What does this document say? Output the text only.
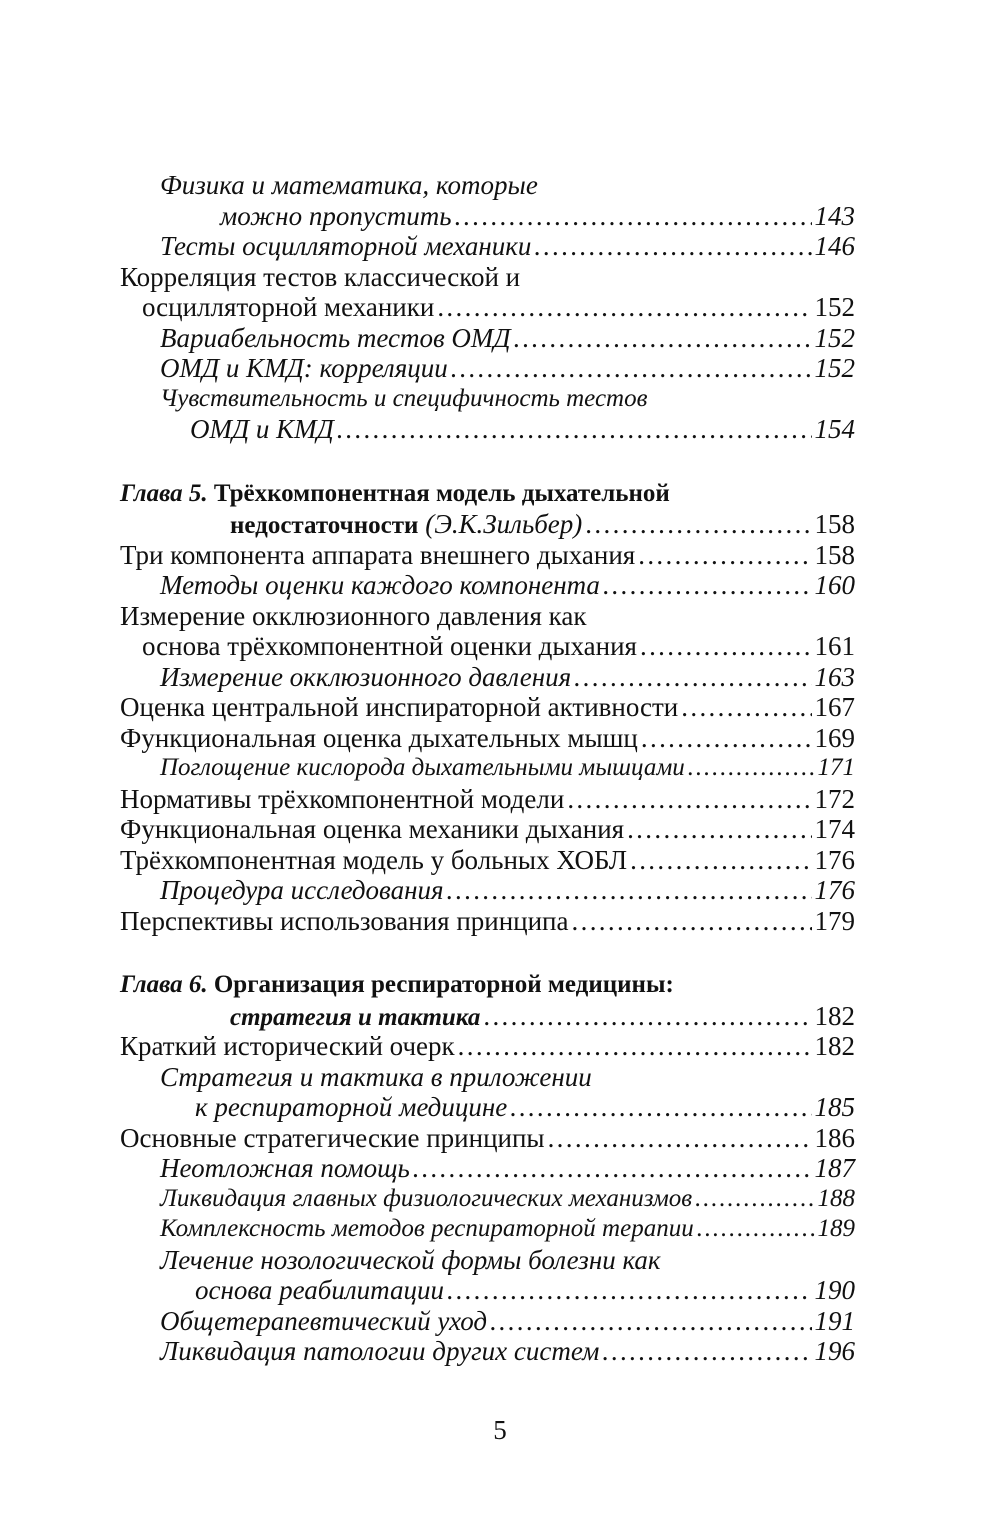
Физика и математика, которые
можно пропустить . . .	143
Тесты осцилляторной механики . . .	146
Корреляция тестов классической и
осцилляторной механики . . .	152
Вариабельность тестов ОМД . . .	152
ОМД и КМД: корреляции . . .	152
Чувствительность и специфичность тестов
ОМД и КМД . . .	154
Глава 5. Трёхкомпонентная модель дыхательной
недостаточности (Э.К.Зильбер) . . .	158
Три компонента аппарата внешнего дыхания . . .	158
Методы оценки каждого компонента . . .	160
Измерение окклюзионного давления как
основа трёхкомпонентной оценки дыхания . . .	161
Измерение окклюзионного давления . . .	163
Оценка центральной инспираторной активности . . .	167
Функциональная оценка дыхательных мышц . . .	169
Поглощение кислорода дыхательными мышцами . . .	171
Нормативы трёхкомпонентной модели . . .	172
Функциональная оценка механики дыхания . . .	174
Трёхкомпонентная модель у больных ХОБЛ . . .	176
Процедура исследования . . .	176
Перспективы использования принципа . . .	179
Глава 6. Организация респираторной медицины:
стратегия и тактика . . .	182
Краткий исторический очерк . . .	182
Стратегия и тактика в приложении
к респираторной медицине . . .	185
Основные стратегические принципы . . .	186
Неотложная помощь . . .	187
Ликвидация главных физиологических механизмов . . .	188
Комплексность методов респираторной терапии . . .	189
Лечение нозологической формы болезни как
основа реабилитации . . .	190
Общетерапевтический уход . . .	191
Ликвидация патологии других систем . . .	196
5
